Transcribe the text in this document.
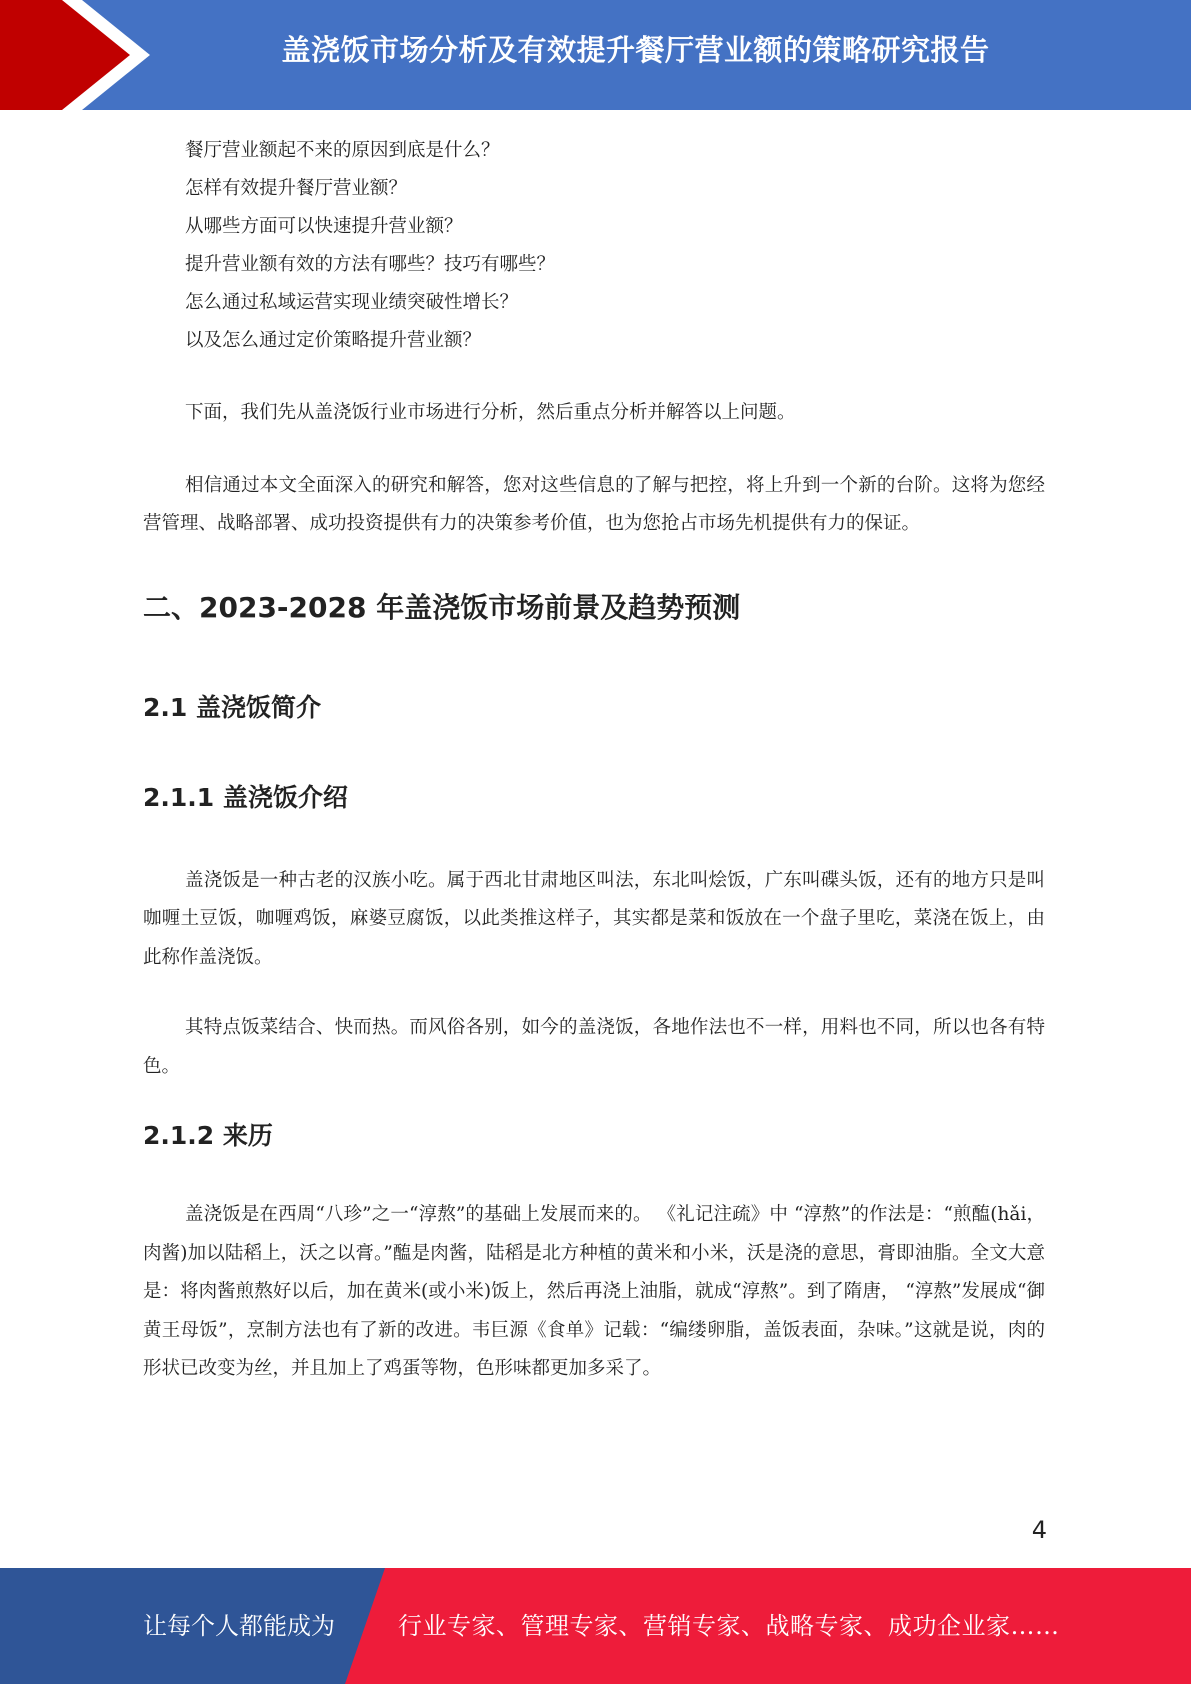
盖浇饭市场分析及有效提升餐厅营业额的策略研究报告

餐厅营业额起不来的原因到底是什么？

怎样有效提升餐厅营业额？

从哪些方面可以快速提升营业额？

提升营业额有效的方法有哪些？技巧有哪些？

怎么通过私域运营实现业绩突破性增长？

以及怎么通过定价策略提升营业额？

下面，我们先从盖浇饭行业市场进行分析，然后重点分析并解答以上问题。

相信通过本文全面深入的研究和解答，您对这些信息的了解与把控，将上升到一个新的台阶。这将为您经营管理、战略部署、成功投资提供有力的决策参考价值，也为您抢占市场先机提供有力的保证。

二、2023-2028 年盖浇饭市场前景及趋势预测
2.1 盖浇饭简介
2.1.1 盖浇饭介绍

盖浇饭是一种古老的汉族小吃。属于西北甘肃地区叫法，东北叫烩饭，广东叫碟头饭，还有的地方只是叫咖喱土豆饭，咖喱鸡饭，麻婆豆腐饭，以此类推这样子，其实都是菜和饭放在一个盘子里吃，菜浇在饭上，由此称作盖浇饭。

其特点饭菜结合、快而热。而风俗各别，如今的盖浇饭，各地作法也不一样，用料也不同，所以也各有特色。

2.1.2 来历

盖浇饭是在西周“八珍”之一“淳熬”的基础上发展而来的。 《礼记注疏》中 “淳熬”的作法是：“煎醢(hǎi，肉酱)加以陆稻上，沃之以膏。”醢是肉酱，陆稻是北方种植的黄米和小米，沃是浇的意思，膏即油脂。全文大意是：将肉酱煎熬好以后，加在黄米(或小米)饭上，然后再浇上油脂，就成“淳熬”。到了隋唐， “淳熬”发展成“御黄王母饭”，烹制方法也有了新的改进。韦巨源《食单》记载：“编缕卵脂，盖饭表面，杂味。”这就是说，肉的形状已改变为丝，并且加上了鸡蛋等物，色形味都更加多采了。

4
让每个人都能成为	行业专家、管理专家、营销专家、战略专家、成功企业家……
